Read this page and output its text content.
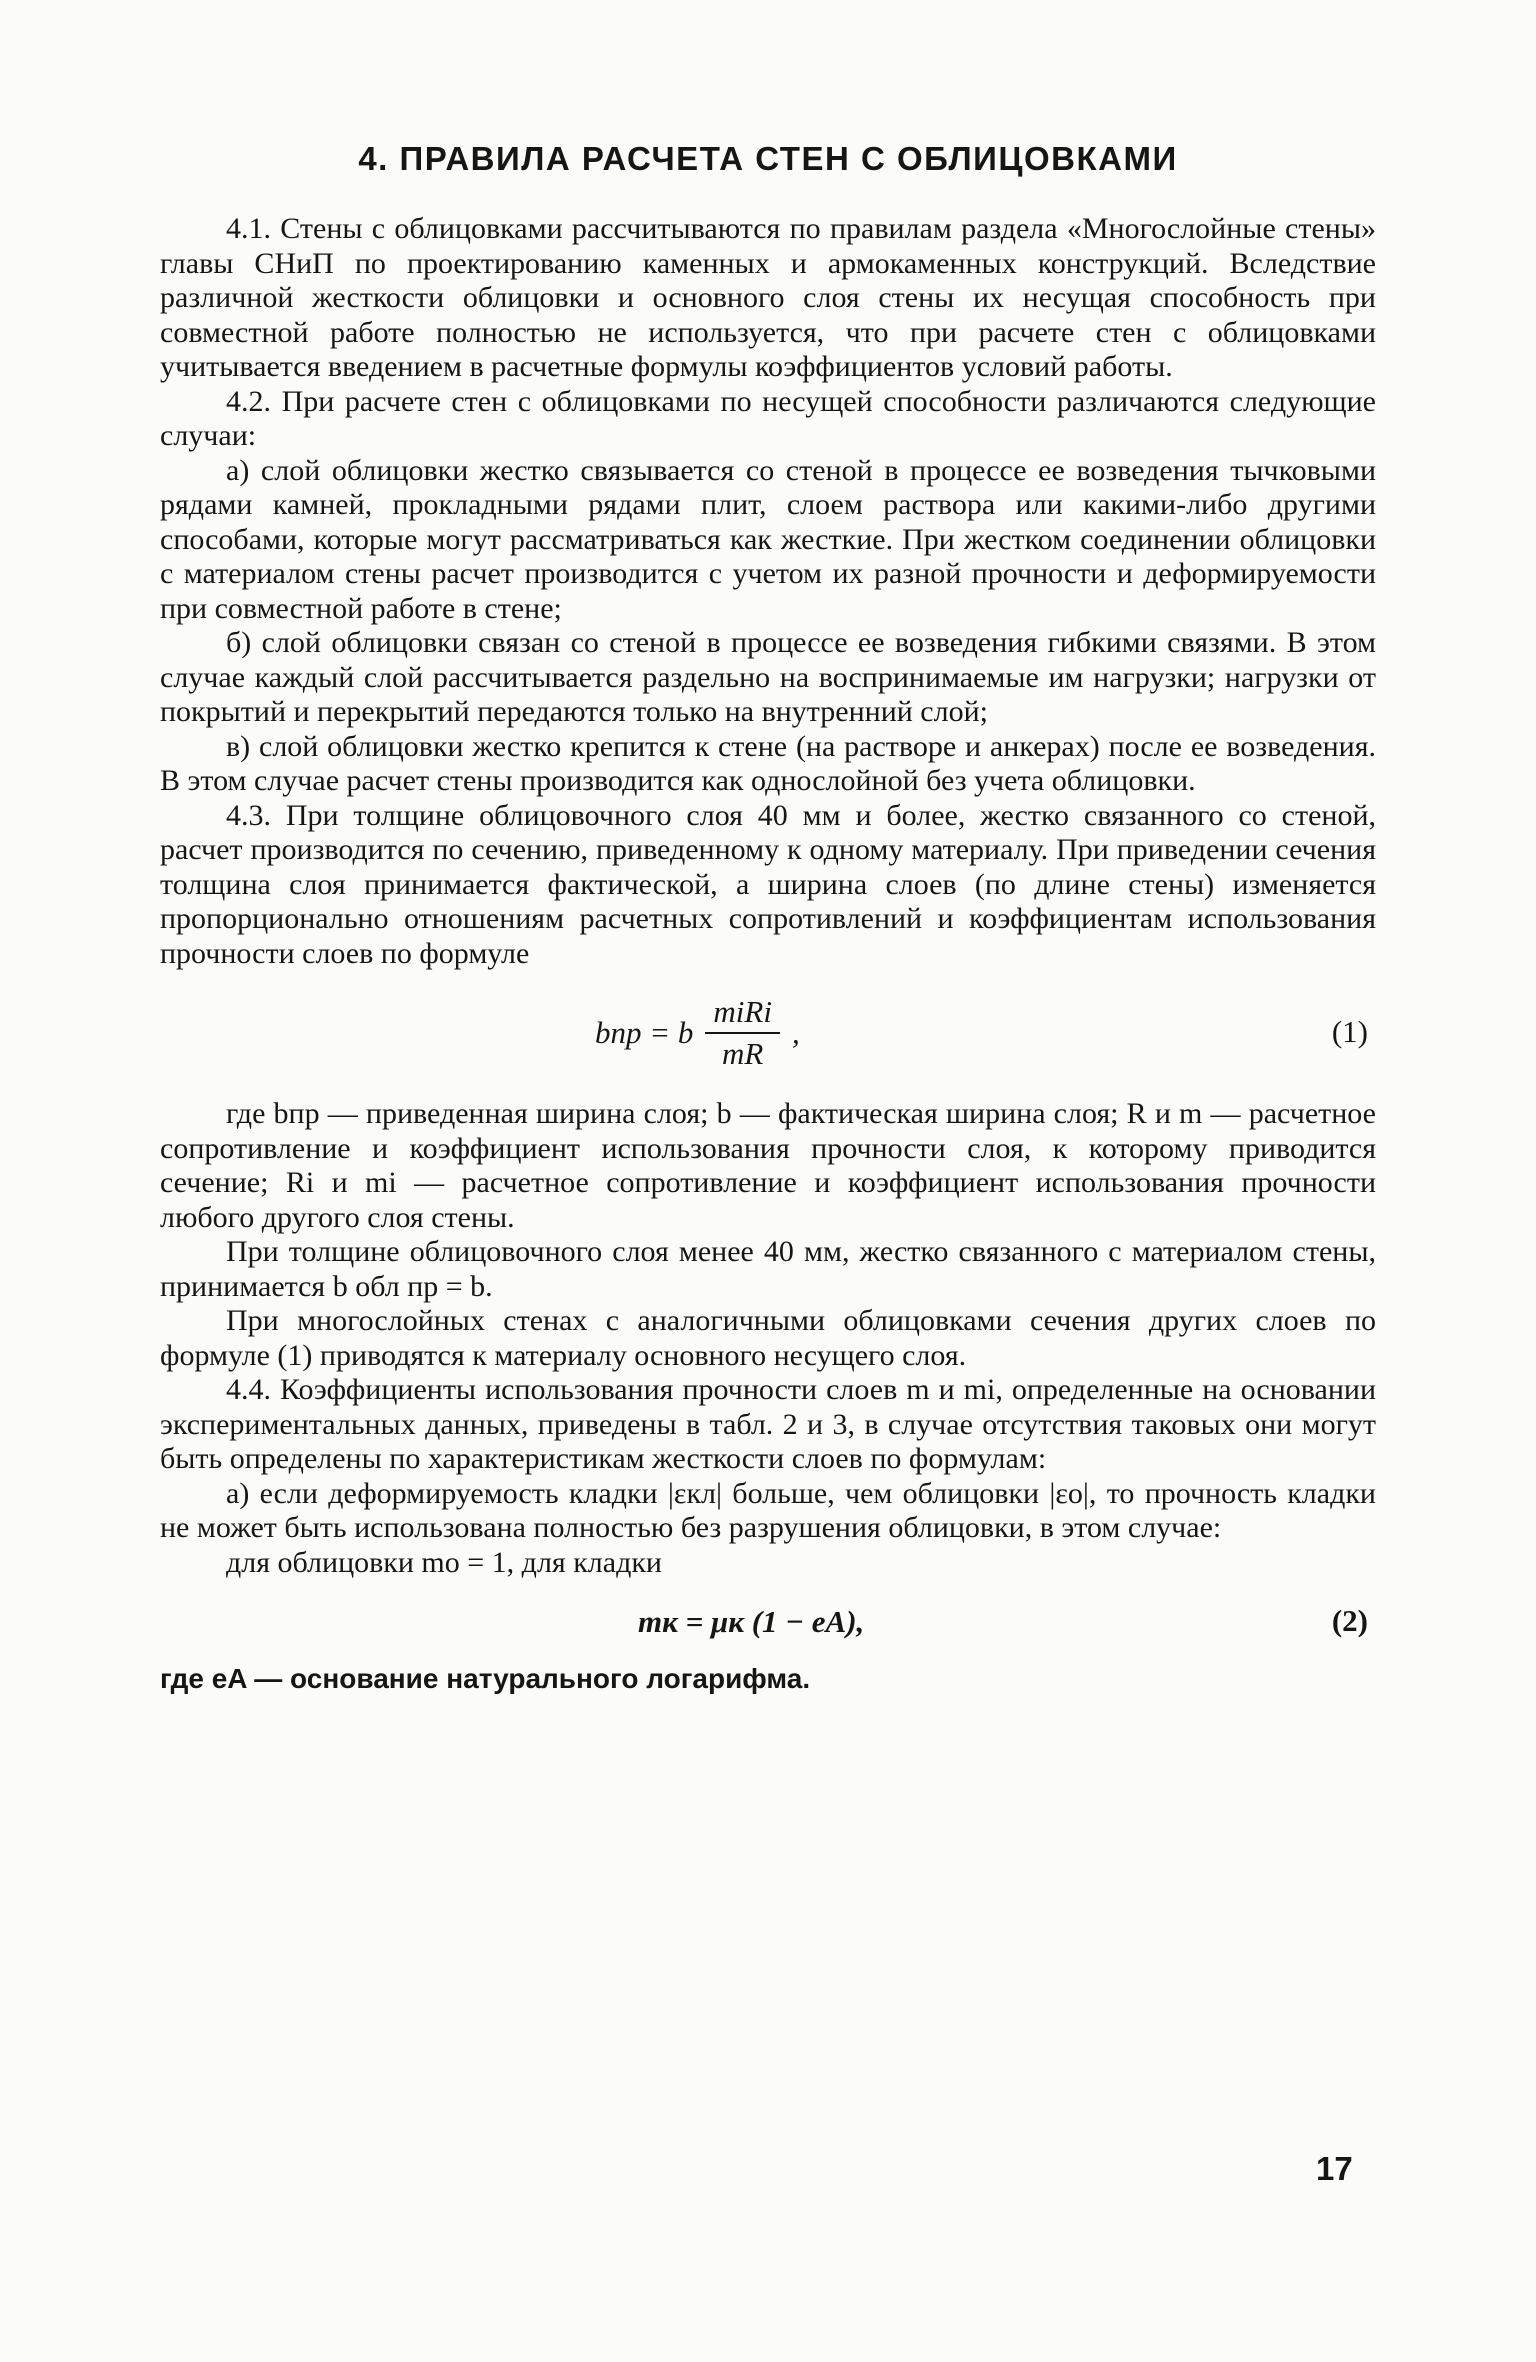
4. ПРАВИЛА РАСЧЕТА СТЕН С ОБЛИЦОВКАМИ

4.1. Стены с облицовками рассчитываются по правилам раздела «Многослойные стены» главы СНиП по проектированию каменных и армокаменных конструкций. Вследствие различной жесткости облицовки и основного слоя стены их несущая способность при совместной работе полностью не используется, что при расчете стен с облицовками учитывается введением в расчетные формулы коэффициентов условий работы.

4.2. При расчете стен с облицовками по несущей способности различаются следующие случаи:

а) слой облицовки жестко связывается со стеной в процессе ее возведения тычковыми рядами камней, прокладными рядами плит, слоем раствора или какими-либо другими способами, которые могут рассматриваться как жесткие. При жестком соединении облицовки с материалом стены расчет производится с учетом их разной прочности и деформируемости при совместной работе в стене;

б) слой облицовки связан со стеной в процессе ее возведения гибкими связями. В этом случае каждый слой рассчитывается раздельно на воспринимаемые им нагрузки; нагрузки от покрытий и перекрытий передаются только на внутренний слой;

в) слой облицовки жестко крепится к стене (на растворе и анкерах) после ее возведения. В этом случае расчет стены производится как однослойной без учета облицовки.

4.3. При толщине облицовочного слоя 40 мм и более, жестко связанного со стеной, расчет производится по сечению, приведенному к одному материалу. При приведении сечения толщина слоя принимается фактической, а ширина слоев (по длине стены) изменяется пропорционально отношениям расчетных сопротивлений и коэффициентам использования прочности слоев по формуле

bпр = b $\frac{\text{miRi}}{mR}$ ,	(1)

где bпр — приведенная ширина слоя; b — фактическая ширина слоя; R и m — расчетное сопротивление и коэффициент использования прочности слоя, к которому приводится сечение; Ri и mi — расчетное сопротивление и коэффициент использования прочности любого другого слоя стены.

При толщине облицовочного слоя менее 40 мм, жестко связанного с материалом стены, принимается b обл пр = b.

При многослойных стенах с аналогичными облицовками сечения других слоев по формуле (1) приводятся к материалу основного несущего слоя.

4.4. Коэффициенты использования прочности слоев m и mi, определенные на основании экспериментальных данных, приведены в табл. 2 и 3, в случае отсутствия таковых они могут быть определены по характеристикам жесткости слоев по формулам:

а) если деформируемость кладки |εкл| больше, чем облицовки |εо|, то прочность кладки не может быть использована полностью без разрушения облицовки, в этом случае:

для облицовки mо = 1, для кладки

mк = μк (1 − eA),	(2)

где eA — основание натурального логарифма.

17
